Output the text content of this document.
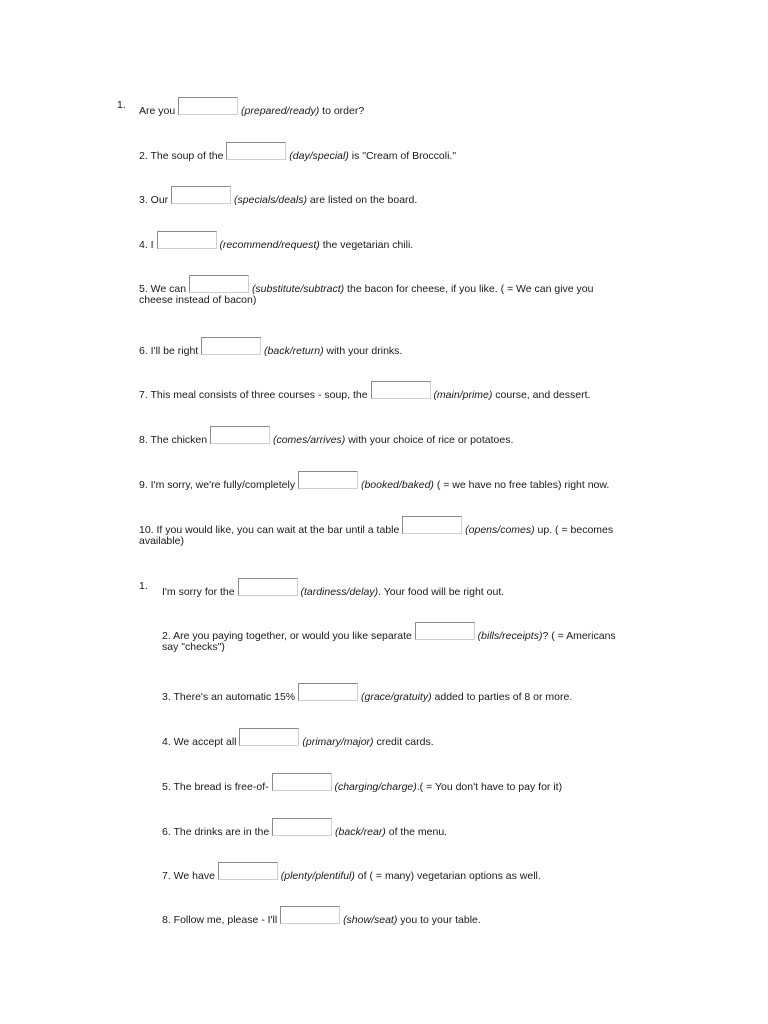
1. Are you	(prepared/ready) to order?
2. The soup of the	(day/special) is "Cream of Broccoli."
3. Our	(specials/deals) are listed on the board.
4. I	(recommend/request) the vegetarian chili.
5. We can	(substitute/subtract) the bacon for cheese, if you like. ( = We can give you
cheese instead of bacon)
6. I'll be right	(back/return) with your drinks.
7. This meal consists of three courses - soup, the	(main/prime) course, and dessert.
8. The chicken	(comes/arrives) with your choice of rice or potatoes.
9. I'm sorry, we're fully/completely	(booked/baked) ( = we have no free tables) right now.
10. If you would like, you can wait at the bar until a table	(opens/comes) up. ( = becomes
available)
1. I'm sorry for the	(tardiness/delay). Your food will be right out.
2. Are you paying together, or would you like separate	(bills/receipts)? ( = Americans
say "checks")
3. There's an automatic 15%	(grace/gratuity) added to parties of 8 or more.
4. We accept all	(primary/major) credit cards.
5. The bread is free-of-	(charging/charge).( = You don't have to pay for it)
6. The drinks are in the	(back/rear) of the menu.
7. We have	(plenty/plentiful) of ( = many) vegetarian options as well.
8. Follow me, please - I'll	(show/seat) you to your table.
